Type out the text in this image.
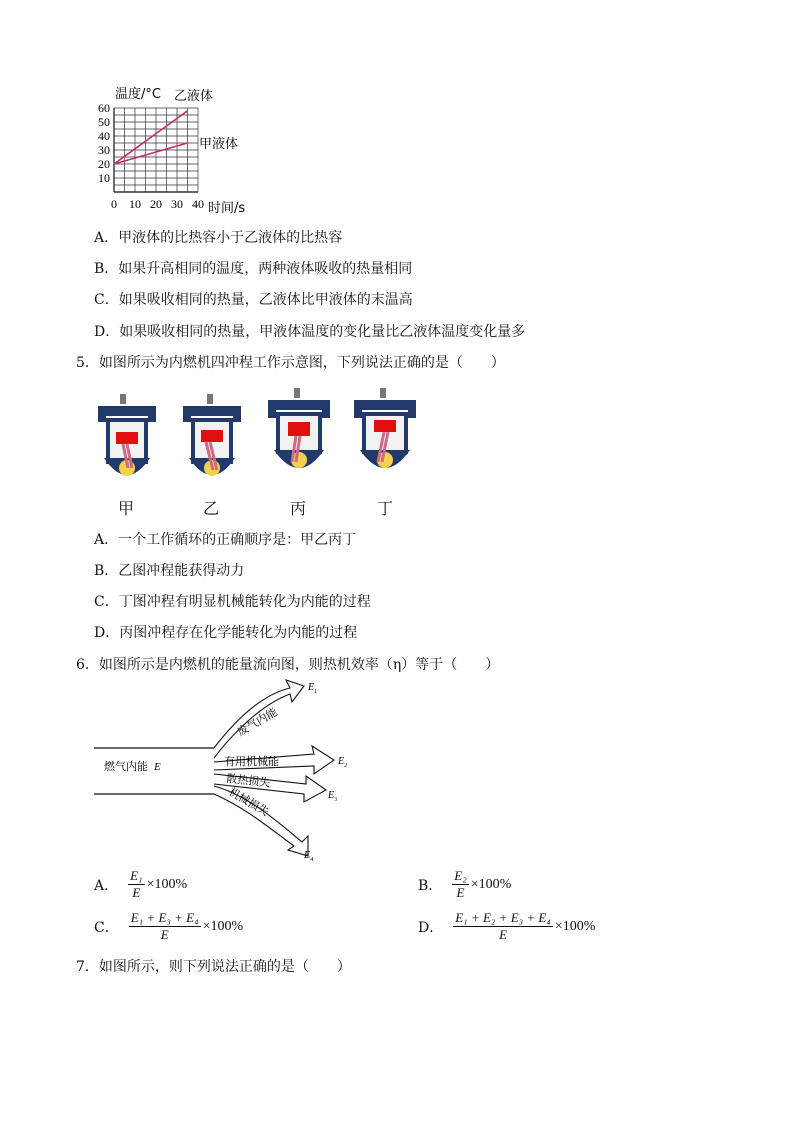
0 10 20 30 40
10
20
30
40
50
60
温度/°C
时间/s
乙液体
甲液体
A．甲液体的比热容小于乙液体的比热容
B．如果升高相同的温度，两种液体吸收的热量相同
C．如果吸收相同的热量，乙液体比甲液体的末温高
D．如果吸收相同的热量，甲液体温度的变化量比乙液体温度变化量多
5．如图所示为内燃机四冲程工作示意图，下列说法正确的是（　　）
甲	乙	丙	丁
A．一个工作循环的正确顺序是：甲乙丙丁
B．乙图冲程能获得动力
C．丁图冲程有明显机械能转化为内能的过程
D．丙图冲程存在化学能转化为内能的过程
6．如图所示是内燃机的能量流向图，则热机效率（η）等于（　　）
燃气内能 E
废气内能
有用机械能
散热损失
机械损失
$E_1$
$E_2$
$E_3$
$E_4$
A． $\frac{\text{E₁}}{E} \times 100\%$	B． $\frac{\text{E₂}}{E} \times 100\%$
C． $\frac{\text{E₁ + E₃ + E₄}}{E} \times 100\%$	D． $\frac{\text{E₁ + E₂ + E₃ + E₄}}{E} \times 100\%$
7．如图所示，则下列说法正确的是（　　）
